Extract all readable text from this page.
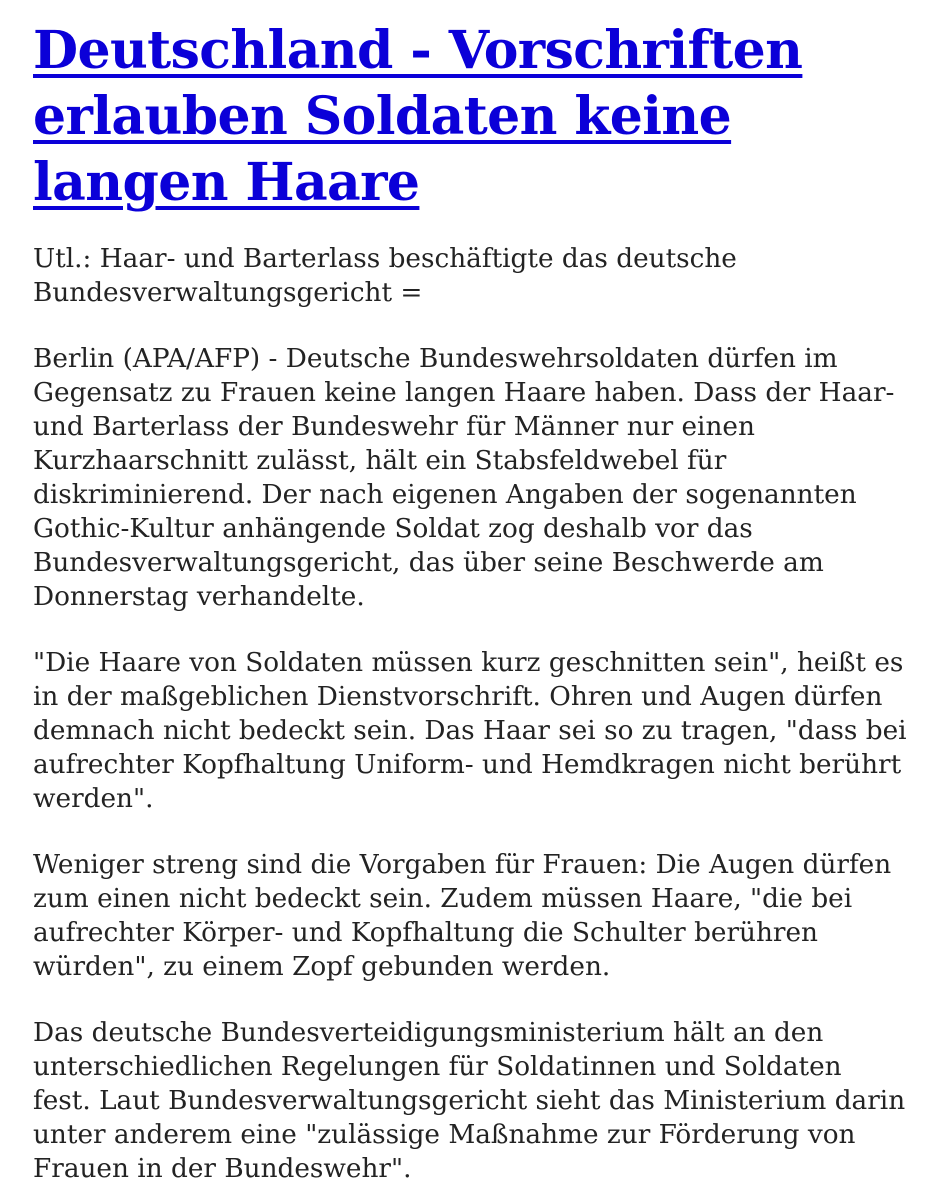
Deutschland - Vorschriften erlauben Soldaten keine langen Haare

Utl.: Haar- und Barterlass beschäftigte das deutsche Bundesverwaltungsgericht =

Berlin (APA/AFP) - Deutsche Bundeswehrsoldaten dürfen im Gegensatz zu Frauen keine langen Haare haben. Dass der Haar- und Barterlass der Bundeswehr für Männer nur einen Kurzhaarschnitt zulässt, hält ein Stabsfeldwebel für diskriminierend. Der nach eigenen Angaben der sogenannten Gothic-Kultur anhängende Soldat zog deshalb vor das Bundesverwaltungsgericht, das über seine Beschwerde am Donnerstag verhandelte.

"Die Haare von Soldaten müssen kurz geschnitten sein", heißt es in der maßgeblichen Dienstvorschrift. Ohren und Augen dürfen demnach nicht bedeckt sein. Das Haar sei so zu tragen, "dass bei aufrechter Kopfhaltung Uniform- und Hemdkragen nicht berührt werden".

Weniger streng sind die Vorgaben für Frauen: Die Augen dürfen zum einen nicht bedeckt sein. Zudem müssen Haare, "die bei aufrechter Körper- und Kopfhaltung die Schulter berühren würden", zu einem Zopf gebunden werden.

Das deutsche Bundesverteidigungsministerium hält an den unterschiedlichen Regelungen für Soldatinnen und Soldaten fest. Laut Bundesverwaltungsgericht sieht das Ministerium darin unter anderem eine "zulässige Maßnahme zur Förderung von Frauen in der Bundeswehr".
